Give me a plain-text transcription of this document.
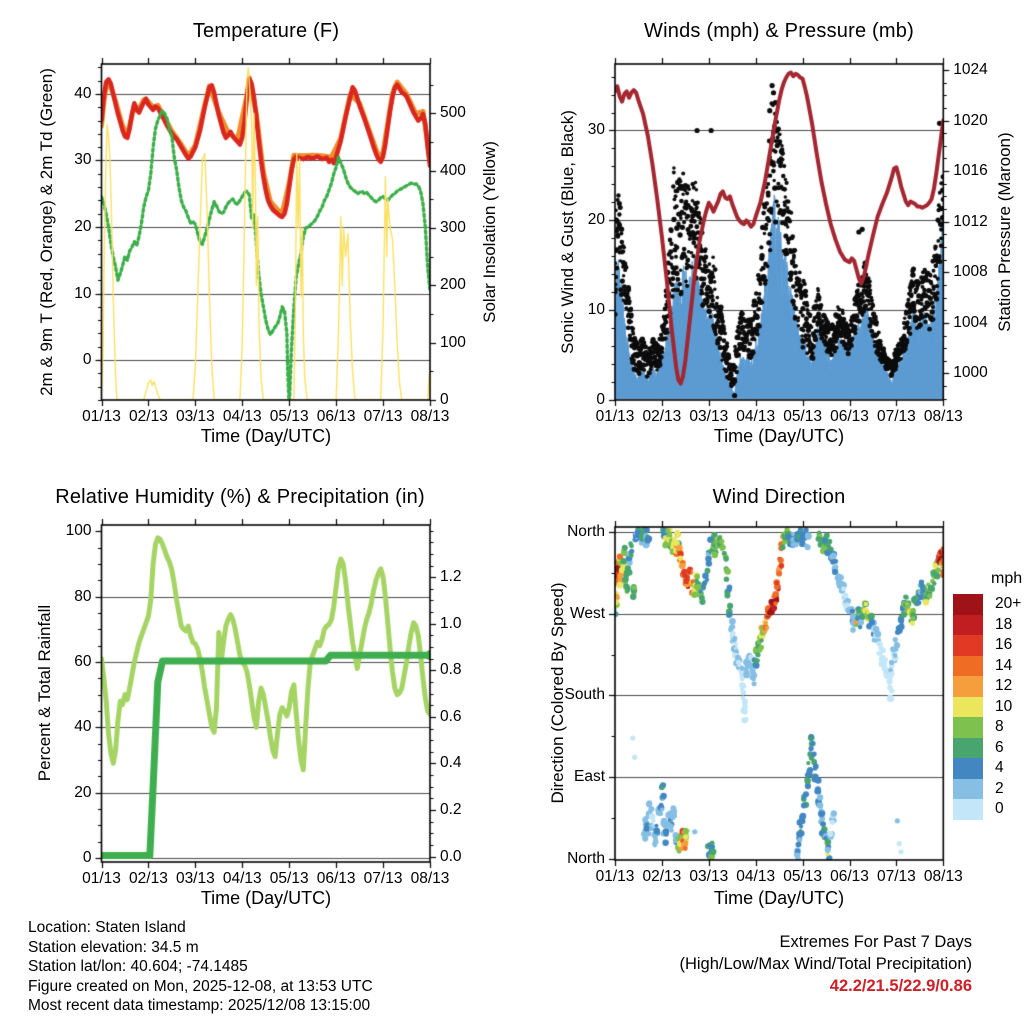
Temperature (F)	Winds (mph) & Pressure (mb)
Relative Humidity (%) & Precipitation (in)	Wind Direction
Time (Day/UTC)	Time (Day/UTC)
Time (Day/UTC)	Time (Day/UTC)
2m & 9m T (Red, Orange) & 2m Td (Green)	Solar Insolation (Yellow)	Sonic Wind & Gust (Blue, Black)	Station Pressure (Maroon)
Percent & Total Rainfall	Direction (Colored By Speed)
01/13 02/13 03/13 04/13 05/13 06/13 07/13 08/13
0
10
20
30
40
0
100
200
300
400
500
01/13 02/13 03/13 04/13 05/13 06/13 07/13 08/13
0
10
20
30
1000
1004
1008
1012
1016
1020
1024
01/13 02/13 03/13 04/13 05/13 06/13 07/13 08/13
0
20
40
60
80
100
0.0
0.2
0.4
0.6
0.8
1.0
1.2
01/13 02/13 03/13 04/13 05/13 06/13 07/13 08/13
North
West
South
East
North
20+
18
16
14
12
10
8
6
4
2
0
mph
Location: Staten Island
Station elevation: 34.5 m
Station lat/lon: 40.604; -74.1485
Figure created on Mon, 2025-12-08, at 13:53 UTC
Most recent data timestamp: 2025/12/08 13:15:00
Extremes For Past 7 Days
(High/Low/Max Wind/Total Precipitation)
42.2/21.5/22.9/0.86
